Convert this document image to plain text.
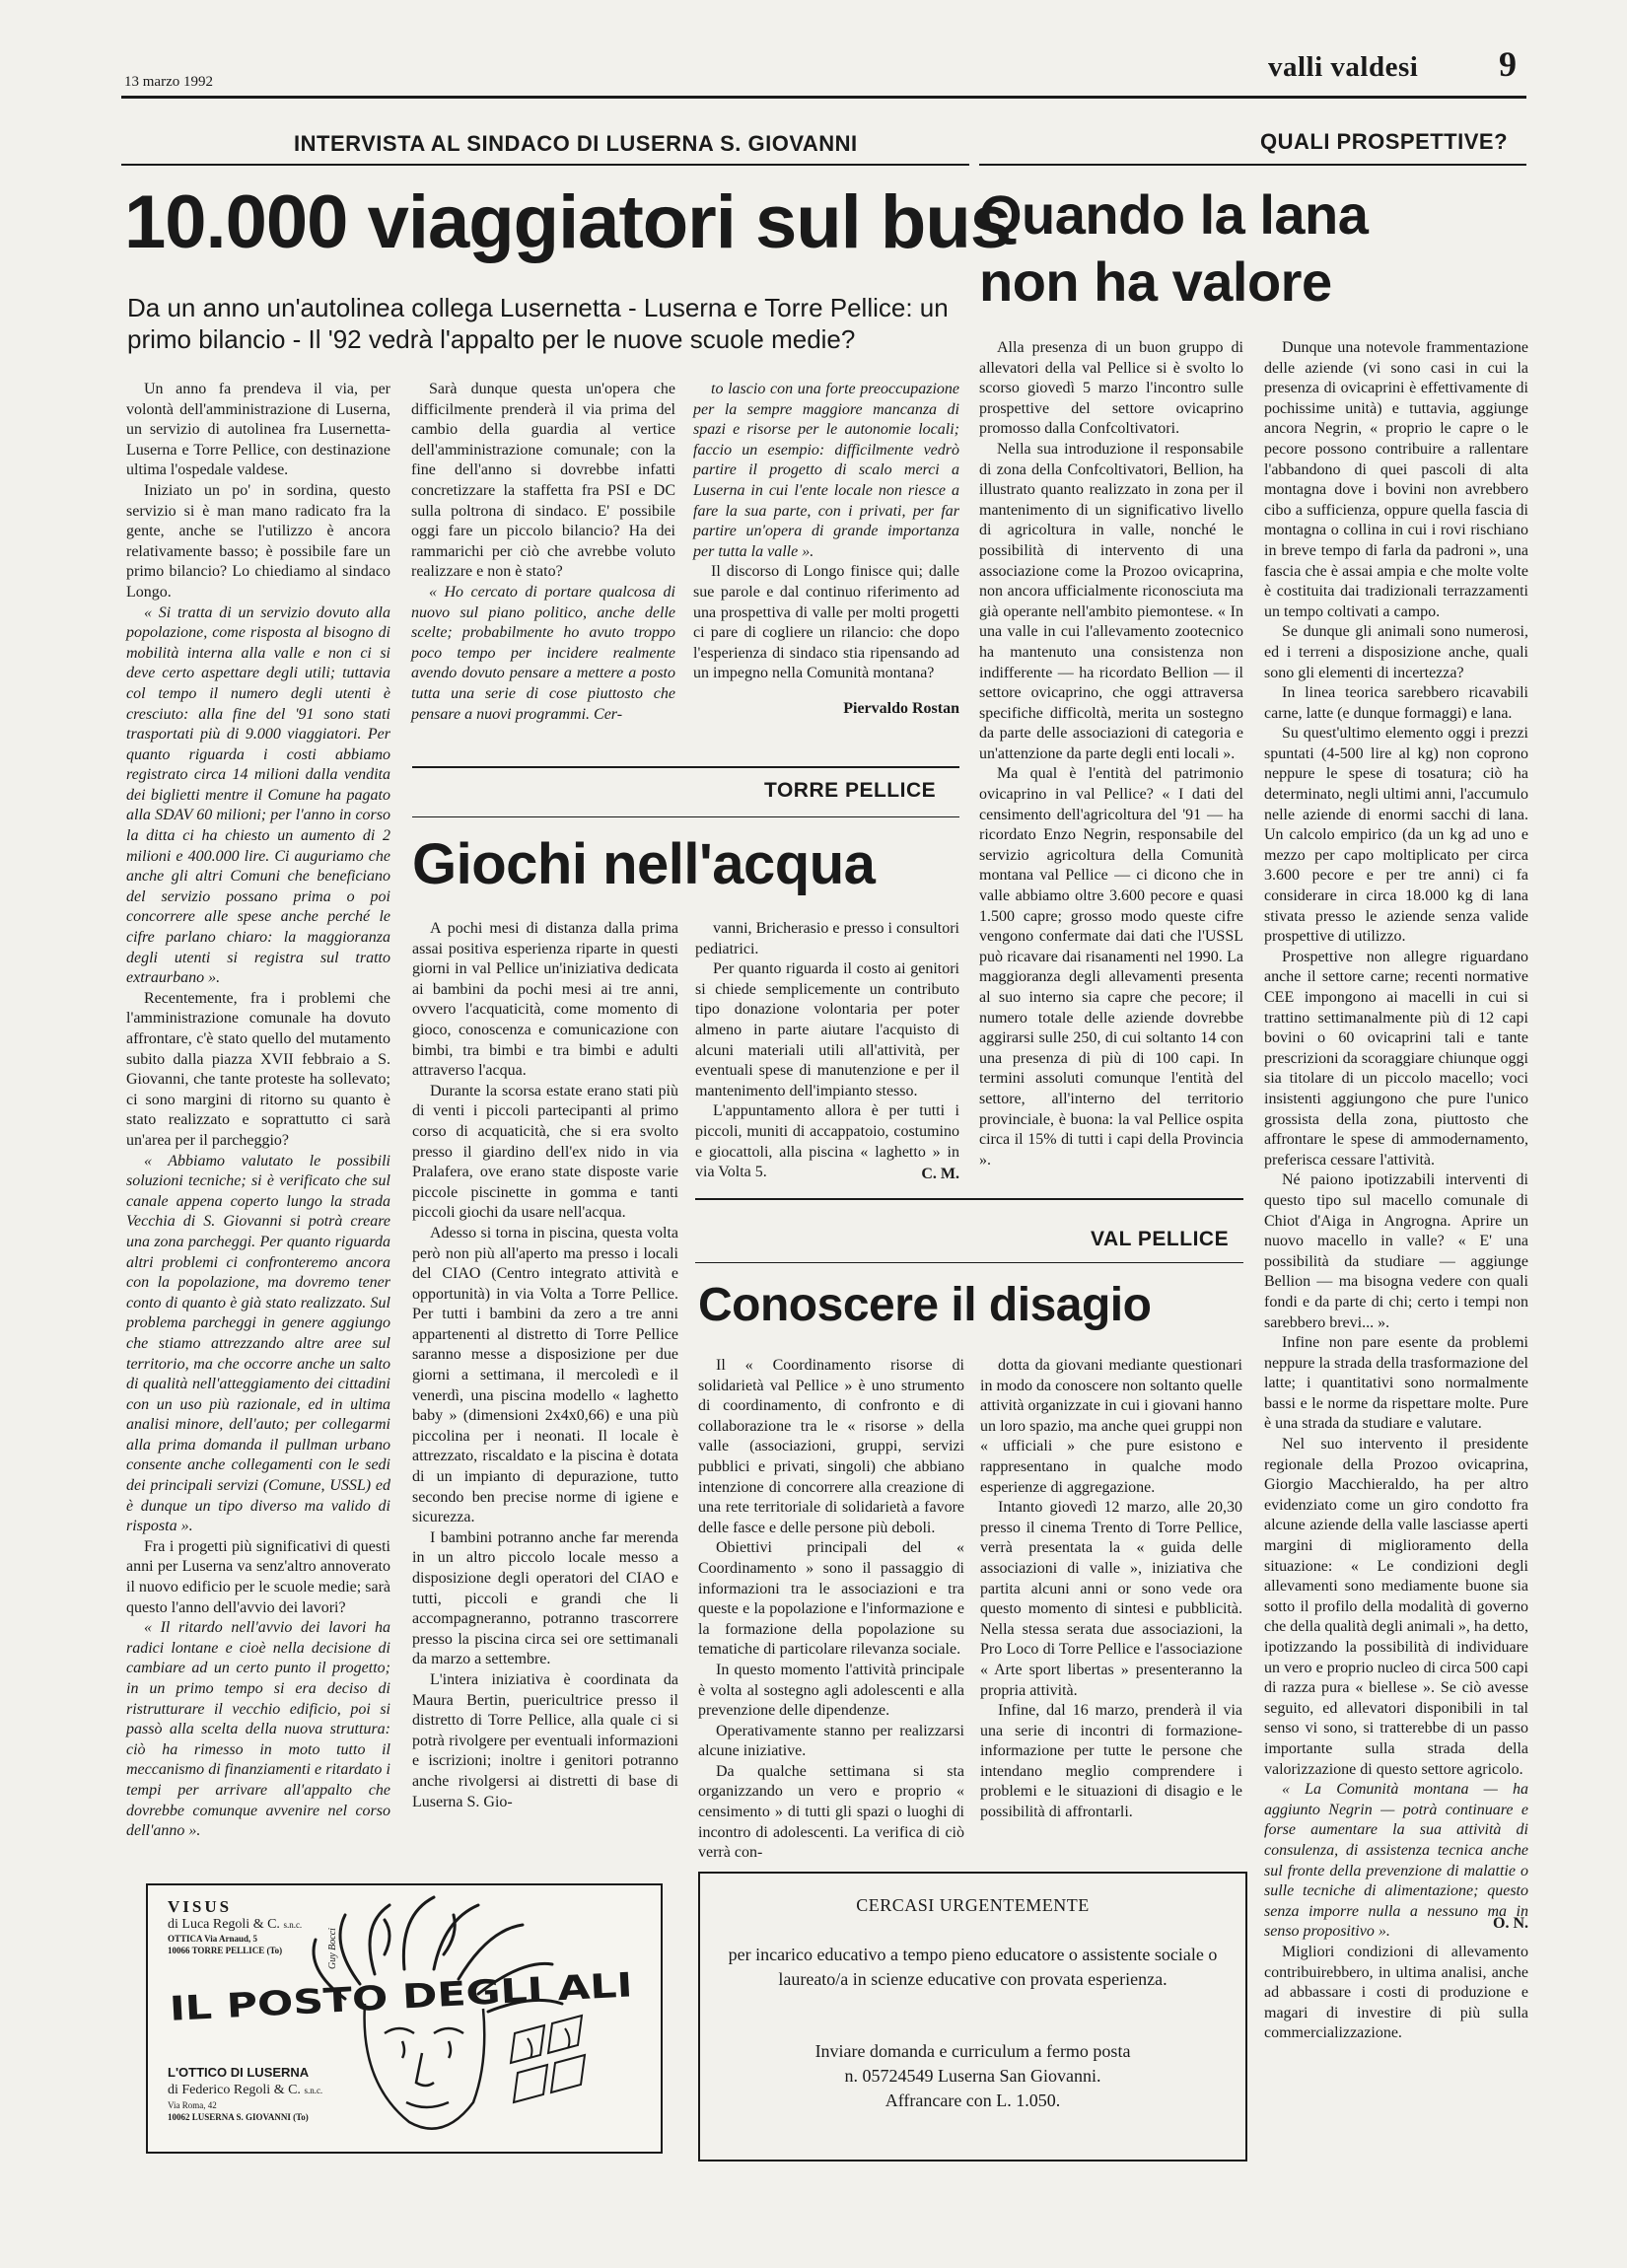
13 marzo 1992	valli valdesi 9
INTERVISTA AL SINDACO DI LUSERNA S. GIOVANNI	QUALI PROSPETTIVE?
10.000 viaggiatori sul bus
Da un anno un'autolinea collega Lusernetta - Luserna e Torre Pellice: un primo bilancio - Il '92 vedrà l'appalto per le nuove scuole medie?

Un anno fa prendeva il via, per volontà dell'amministrazione di Luserna, un servizio di autolinea fra Lusernetta-Luserna e Torre Pellice, con destinazione ultima l'ospedale valdese.

Iniziato un po' in sordina, questo servizio si è man mano radicato fra la gente, anche se l'utilizzo è ancora relativamente basso; è possibile fare un primo bilancio? Lo chiediamo al sindaco Longo.

« Si tratta di un servizio dovuto alla popolazione, come risposta al bisogno di mobilità interna alla valle e non ci si deve certo aspettare degli utili; tuttavia col tempo il numero degli utenti è cresciuto: alla fine del '91 sono stati trasportati più di 9.000 viaggiatori. Per quanto riguarda i costi abbiamo registrato circa 14 milioni dalla vendita dei biglietti mentre il Comune ha pagato alla SDAV 60 milioni; per l'anno in corso la ditta ci ha chiesto un aumento di 2 milioni e 400.000 lire. Ci auguriamo che anche gli altri Comuni che beneficiano del servizio possano prima o poi concorrere alle spese anche perché le cifre parlano chiaro: la maggioranza degli utenti si registra sul tratto extraurbano ».

Recentemente, fra i problemi che l'amministrazione comunale ha dovuto affrontare, c'è stato quello del mutamento subito dalla piazza XVII febbraio a S. Giovanni, che tante proteste ha sollevato; ci sono margini di ritorno su quanto è stato realizzato e soprattutto ci sarà un'area per il parcheggio?

« Abbiamo valutato le possibili soluzioni tecniche; si è verificato che sul canale appena coperto lungo la strada Vecchia di S. Giovanni si potrà creare una zona parcheggi. Per quanto riguarda altri problemi ci confronteremo ancora con la popolazione, ma dovremo tener conto di quanto è già stato realizzato. Sul problema parcheggi in genere aggiungo che stiamo attrezzando altre aree sul territorio, ma che occorre anche un salto di qualità nell'atteggiamento dei cittadini con un uso più razionale, ed in ultima analisi minore, dell'auto; per collegarmi alla prima domanda il pullman urbano consente anche collegamenti con le sedi dei principali servizi (Comune, USSL) ed è dunque un tipo diverso ma valido di risposta ».

Fra i progetti più significativi di questi anni per Luserna va senz'altro annoverato il nuovo edificio per le scuole medie; sarà questo l'anno dell'avvio dei lavori?

« Il ritardo nell'avvio dei lavori ha radici lontane e cioè nella decisione di cambiare ad un certo punto il progetto; in un primo tempo si era deciso di ristrutturare il vecchio edificio, poi si passò alla scelta della nuova struttura: ciò ha rimesso in moto tutto il meccanismo di finanziamenti e ritardato i tempi per arrivare all'appalto che dovrebbe comunque avvenire nel corso dell'anno ».

Sarà dunque questa un'opera che difficilmente prenderà il via prima del cambio della guardia al vertice dell'amministrazione comunale; con la fine dell'anno si dovrebbe infatti concretizzare la staffetta fra PSI e DC sulla poltrona di sindaco. E' possibile oggi fare un piccolo bilancio? Ha dei rammarichi per ciò che avrebbe voluto realizzare e non è stato?

« Ho cercato di portare qualcosa di nuovo sul piano politico, anche delle scelte; probabilmente ho avuto troppo poco tempo per incidere realmente avendo dovuto pensare a mettere a posto tutta una serie di cose piuttosto che pensare a nuovi programmi. Cer-

to lascio con una forte preoccupazione per la sempre maggiore mancanza di spazi e risorse per le autonomie locali; faccio un esempio: difficilmente vedrò partire il progetto di scalo merci a Luserna in cui l'ente locale non riesce a fare la sua parte, con i privati, per far partire un'opera di grande importanza per tutta la valle ».

Il discorso di Longo finisce qui; dalle sue parole e dal continuo riferimento ad una prospettiva di valle per molti progetti ci pare di cogliere un rilancio: che dopo l'esperienza di sindaco stia ripensando ad un impegno nella Comunità montana?

Piervaldo Rostan
TORRE PELLICE
Giochi nell'acqua

A pochi mesi di distanza dalla prima assai positiva esperienza riparte in questi giorni in val Pellice un'iniziativa dedicata ai bambini da pochi mesi ai tre anni, ovvero l'acquaticità, come momento di gioco, conoscenza e comunicazione con bimbi, tra bimbi e tra bimbi e adulti attraverso l'acqua.

Durante la scorsa estate erano stati più di venti i piccoli partecipanti al primo corso di acquaticità, che si era svolto presso il giardino dell'ex nido in via Pralafera, ove erano state disposte varie piccole piscinette in gomma e tanti piccoli giochi da usare nell'acqua.

Adesso si torna in piscina, questa volta però non più all'aperto ma presso i locali del CIAO (Centro integrato attività e opportunità) in via Volta a Torre Pellice. Per tutti i bambini da zero a tre anni appartenenti al distretto di Torre Pellice saranno messe a disposizione per due giorni a settimana, il mercoledì e il venerdì, una piscina modello « laghetto baby » (dimensioni 2x4x0,66) e una più piccolina per i neonati. Il locale è attrezzato, riscaldato e la piscina è dotata di un impianto di depurazione, tutto secondo ben precise norme di igiene e sicurezza.

I bambini potranno anche far merenda in un altro piccolo locale messo a disposizione degli operatori del CIAO e tutti, piccoli e grandi che li accompagneranno, potranno trascorrere presso la piscina circa sei ore settimanali da marzo a settembre.

L'intera iniziativa è coordinata da Maura Bertin, puericultrice presso il distretto di Torre Pellice, alla quale ci si potrà rivolgere per eventuali informazioni e iscrizioni; inoltre i genitori potranno anche rivolgersi ai distretti di base di Luserna S. Gio-

vanni, Bricherasio e presso i consultori pediatrici.

Per quanto riguarda il costo ai genitori si chiede semplicemente un contributo tipo donazione volontaria per poter almeno in parte aiutare l'acquisto di alcuni materiali utili all'attività, per eventuali spese di manutenzione e per il mantenimento dell'impianto stesso.

L'appuntamento allora è per tutti i piccoli, muniti di accappatoio, costumino e giocattoli, alla piscina « laghetto » in via Volta 5.	C. M.
Quando la lana
non ha valore

Alla presenza di un buon gruppo di allevatori della val Pellice si è svolto lo scorso giovedì 5 marzo l'incontro sulle prospettive del settore ovicaprino promosso dalla Confcoltivatori.

Nella sua introduzione il responsabile di zona della Confcoltivatori, Bellion, ha illustrato quanto realizzato in zona per il mantenimento di un significativo livello di agricoltura in valle, nonché le possibilità di intervento di una associazione come la Prozoo ovicaprina, non ancora ufficialmente riconosciuta ma già operante nell'ambito piemontese. « In una valle in cui l'allevamento zootecnico ha mantenuto una consistenza non indifferente — ha ricordato Bellion — il settore ovicaprino, che oggi attraversa specifiche difficoltà, merita un sostegno da parte delle associazioni di categoria e un'attenzione da parte degli enti locali ».

Ma qual è l'entità del patrimonio ovicaprino in val Pellice? « I dati del censimento dell'agricoltura del '91 — ha ricordato Enzo Negrin, responsabile del servizio agricoltura della Comunità montana val Pellice — ci dicono che in valle abbiamo oltre 3.600 pecore e quasi 1.500 capre; grosso modo queste cifre vengono confermate dai dati che l'USSL può ricavare dai risanamenti nel 1990. La maggioranza degli allevamenti presenta al suo interno sia capre che pecore; il numero totale delle aziende dovrebbe aggirarsi sulle 250, di cui soltanto 14 con una presenza di più di 100 capi. In termini assoluti comunque l'entità del settore, all'interno del territorio provinciale, è buona: la val Pellice ospita circa il 15% di tutti i capi della Provincia ».

Dunque una notevole frammentazione delle aziende (vi sono casi in cui la presenza di ovicaprini è effettivamente di pochissime unità) e tuttavia, aggiunge ancora Negrin, « proprio le capre o le pecore possono contribuire a rallentare l'abbandono di quei pascoli di alta montagna dove i bovini non avrebbero cibo a sufficienza, oppure quella fascia di montagna o collina in cui i rovi rischiano in breve tempo di farla da padroni », una fascia che è assai ampia e che molte volte è costituita dai tradizionali terrazzamenti un tempo coltivati a campo.

Se dunque gli animali sono numerosi, ed i terreni a disposizione anche, quali sono gli elementi di incertezza?

In linea teorica sarebbero ricavabili carne, latte (e dunque formaggi) e lana.

Su quest'ultimo elemento oggi i prezzi spuntati (4-500 lire al kg) non coprono neppure le spese di tosatura; ciò ha determinato, negli ultimi anni, l'accumulo nelle aziende di enormi sacchi di lana. Un calcolo empirico (da un kg ad uno e mezzo per capo moltiplicato per circa 3.600 pecore e per tre anni) ci fa considerare in circa 18.000 kg di lana stivata presso le aziende senza valide prospettive di utilizzo.

Prospettive non allegre riguardano anche il settore carne; recenti normative CEE impongono ai macelli in cui si trattino settimanalmente più di 12 capi bovini o 60 ovicaprini tali e tante prescrizioni da scoraggiare chiunque oggi sia titolare di un piccolo macello; voci insistenti aggiungono che pure l'unico grossista della zona, piuttosto che affrontare le spese di ammodernamento, preferisca cessare l'attività.

Né paiono ipotizzabili interventi di questo tipo sul macello comunale di Chiot d'Aiga in Angrogna. Aprire un nuovo macello in valle? « E' una possibilità da studiare — aggiunge Bellion — ma bisogna vedere con quali fondi e da parte di chi; certo i tempi non sarebbero brevi... ».

Infine non pare esente da problemi neppure la strada della trasformazione del latte; i quantitativi sono normalmente bassi e le norme da rispettare molte. Pure è una strada da studiare e valutare.

Nel suo intervento il presidente regionale della Prozoo ovicaprina, Giorgio Macchieraldo, ha per altro evidenziato come un giro condotto fra alcune aziende della valle lasciasse aperti margini di miglioramento della situazione: « Le condizioni degli allevamenti sono mediamente buone sia sotto il profilo della modalità di governo che della qualità degli animali », ha detto, ipotizzando la possibilità di individuare un vero e proprio nucleo di circa 500 capi di razza pura « biellese ». Se ciò avesse seguito, ed allevatori disponibili in tal senso vi sono, si tratterebbe di un passo importante sulla strada della valorizzazione di questo settore agricolo.

« La Comunità montana — ha aggiunto Negrin — potrà continuare e forse aumentare la sua attività di consulenza, di assistenza tecnica anche sul fronte della prevenzione di malattie o sulle tecniche di alimentazione; questo senza imporre nulla a nessuno ma in senso propositivo ».

Migliori condizioni di allevamento contribuirebbero, in ultima analisi, anche ad abbassare i costi di produzione e magari di investire di più sulla commercializzazione.

O. N.
VAL PELLICE
Conoscere il disagio

Il « Coordinamento risorse di solidarietà val Pellice » è uno strumento di coordinamento, di confronto e di collaborazione tra le « risorse » della valle (associazioni, gruppi, servizi pubblici e privati, singoli) che abbiano intenzione di concorrere alla creazione di una rete territoriale di solidarietà a favore delle fasce e delle persone più deboli.

Obiettivi principali del « Coordinamento » sono il passaggio di informazioni tra le associazioni e tra queste e la popolazione e l'informazione e la formazione della popolazione su tematiche di particolare rilevanza sociale.

In questo momento l'attività principale è volta al sostegno agli adolescenti e alla prevenzione delle dipendenze.

Operativamente stanno per realizzarsi alcune iniziative.

Da qualche settimana si sta organizzando un vero e proprio « censimento » di tutti gli spazi o luoghi di incontro di adolescenti. La verifica di ciò verrà con-

dotta da giovani mediante questionari in modo da conoscere non soltanto quelle attività organizzate in cui i giovani hanno un loro spazio, ma anche quei gruppi non « ufficiali » che pure esistono e rappresentano in qualche modo esperienze di aggregazione.

Intanto giovedì 12 marzo, alle 20,30 presso il cinema Trento di Torre Pellice, verrà presentata la « guida delle associazioni di valle », iniziativa che partita alcuni anni or sono vede ora questo momento di sintesi e pubblicità. Nella stessa serata due associazioni, la Pro Loco di Torre Pellice e l'associazione « Arte sport libertas » presenteranno la propria attività.

Infine, dal 16 marzo, prenderà il via una serie di incontri di formazione-informazione per tutte le persone che intendano meglio comprendere i problemi e le situazioni di disagio e le possibilità di affrontarli.

VISUS
di Luca Regoli & C. s.n.c.
OTTICA Via Arnaud, 5
10066 TORRE PELLICE (To)
IL POSTO DEGLI ALI
Guy Bocci
L'OTTICO DI LUSERNA
di Federico Regoli & C. s.n.c.
Via Roma, 42
10062 LUSERNA S. GIOVANNI (To)
CERCASI URGENTEMENTE
per incarico educativo a tempo pieno educatore o assistente sociale o laureato/a in scienze educative con provata esperienza.
Inviare domanda e curriculum a fermo posta
n. 05724549 Luserna San Giovanni.
Affrancare con L. 1.050.
